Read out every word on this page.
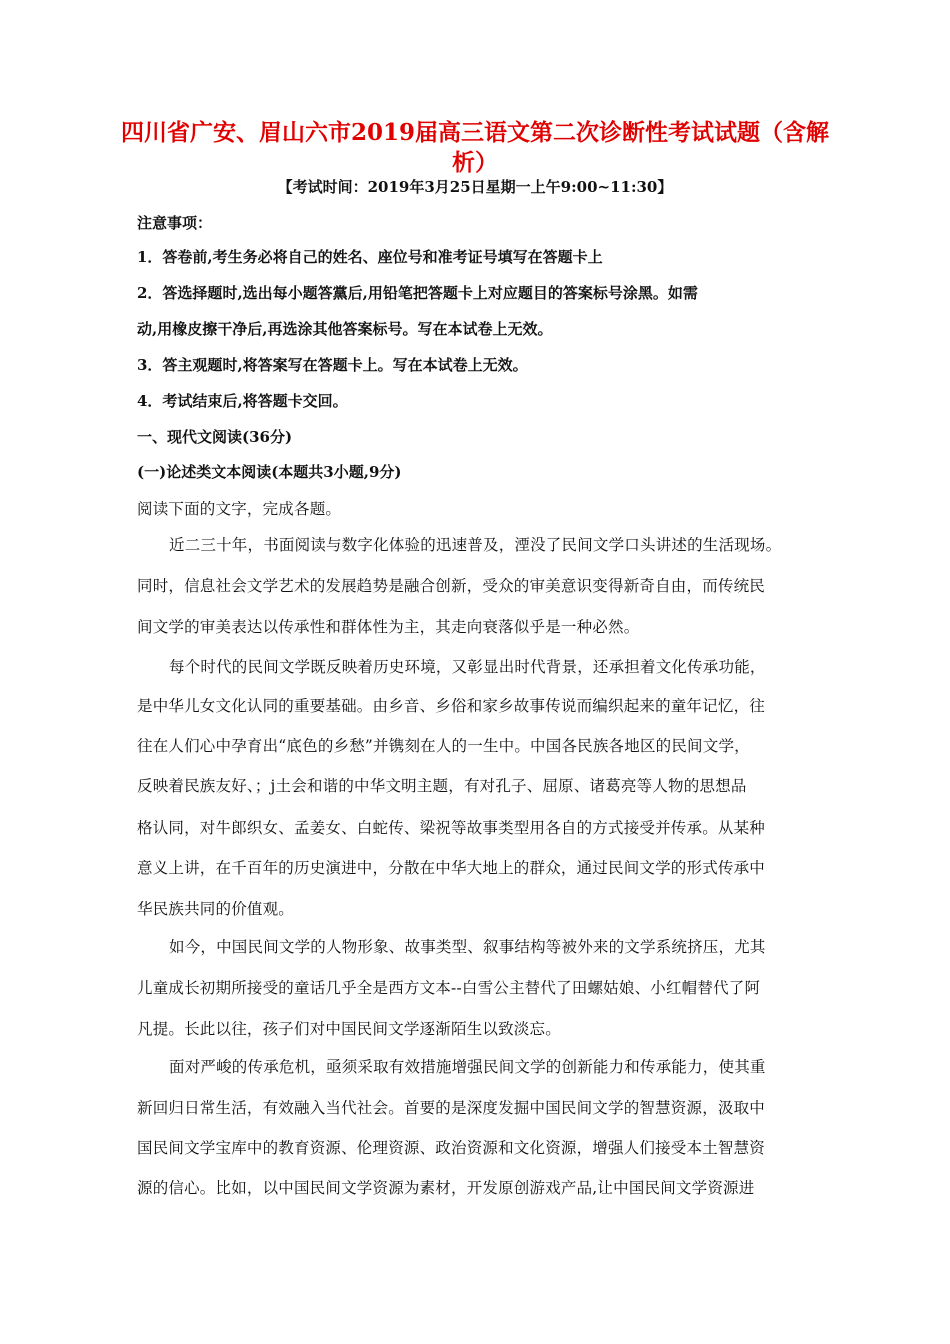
四川省广安、眉山六市2019届高三语文第二次诊断性考试试题（含解析）
【考试时间：2019年3月25日星期一上午9:00~11:30】
注意事项：
1．答卷前,考生务必将自己的姓名、座位号和准考证号填写在答题卡上
2．答选择题时,选出每小题答黨后,用铅笔把答题卡上对应题目的答案标号涂黑。如需
动,用橡皮擦干净后,再选涂其他答案标号。写在本试卷上无效。
3．答主观题时,将答案写在答题卡上。写在本试卷上无效。
4．考试结束后,将答题卡交回。
一、现代文阅读(36分)
(一)论述类文本阅读(本题共3小题,9分)
阅读下面的文字，完成各题。
近二三十年，书面阅读与数字化体验的迅速普及，湮没了民间文学口头讲述的生活现场。
同时，信息社会文学艺术的发展趋势是融合创新，受众的审美意识变得新奇自由，而传统民
间文学的审美表达以传承性和群体性为主，其走向衰落似乎是一种必然。
每个时代的民间文学既反映着历史环境，又彰显出时代背景，还承担着文化传承功能，
是中华儿女文化认同的重要基础。由乡音、乡俗和家乡故事传说而编织起来的童年记忆，往
往在人们心中孕育出“底色的乡愁”并镌刻在人的一生中。中国各民族各地区的民间文学，
反映着民族友好、；j土会和谐的中华文明主题，有对孔子、屈原、诸葛亮等人物的思想品
格认同，对牛郎织女、孟姜女、白蛇传、梁祝等故事类型用各自的方式接受并传承。从某种
意义上讲，在千百年的历史演进中，分散在中华大地上的群众，通过民间文学的形式传承中
华民族共同的价值观。
如今，中国民间文学的人物形象、故事类型、叙事结构等被外来的文学系统挤压，尤其
儿童成长初期所接受的童话几乎全是西方文本--白雪公主替代了田螺姑娘、小红帽替代了阿
凡提。长此以往，孩子们对中国民间文学逐渐陌生以致淡忘。
面对严峻的传承危机，亟须采取有效措施增强民间文学的创新能力和传承能力，使其重
新回归日常生活，有效融入当代社会。首要的是深度发掘中国民间文学的智慧资源，汲取中
国民间文学宝库中的教育资源、伦理资源、政治资源和文化资源，增强人们接受本土智慧资
源的信心。比如，以中国民间文学资源为素材，开发原创游戏产品,让中国民间文学资源进
